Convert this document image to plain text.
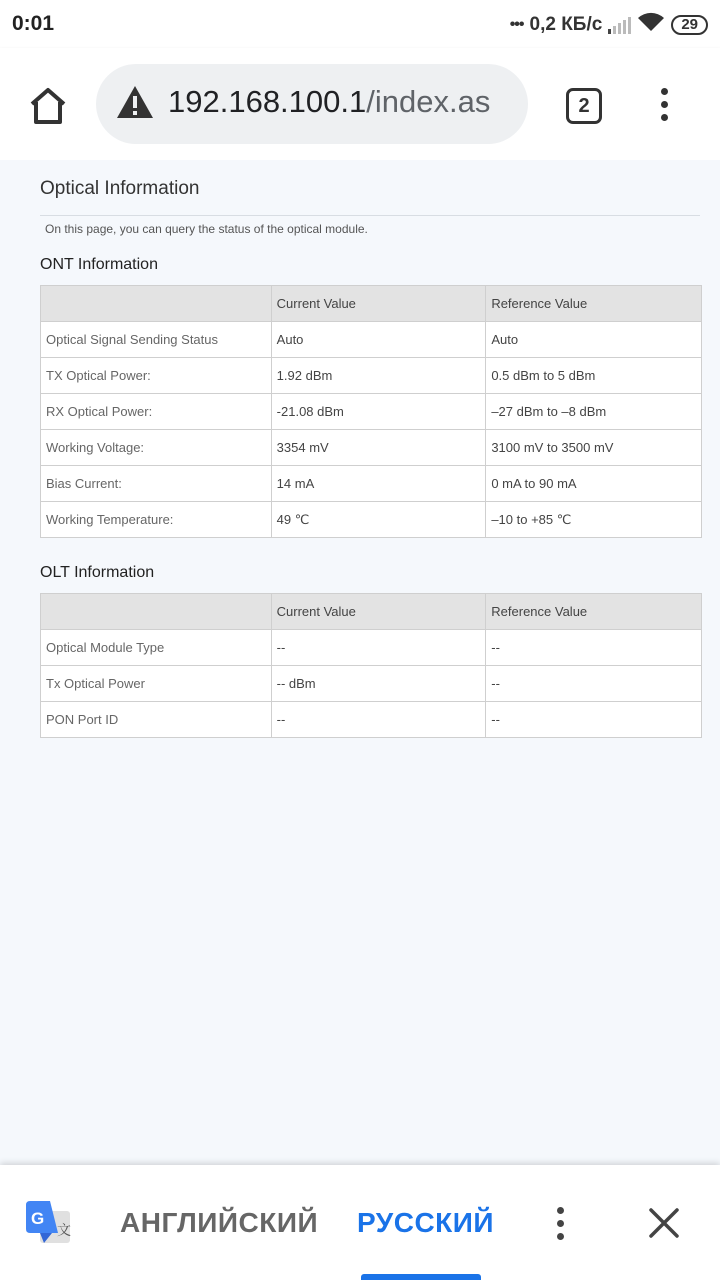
0:01	••• 0,2 КБ/с	29
192.168.100.1/index.as	2
Optical Information
On this page, you can query the status of the optical module.
ONT Information
	Current Value	Reference Value
Optical Signal Sending Status	Auto	Auto
TX Optical Power:	1.92 dBm	0.5 dBm to 5 dBm
RX Optical Power:	-21.08 dBm	–27 dBm to –8 dBm
Working Voltage:	3354 mV	3100 mV to 3500 mV
Bias Current:	14 mA	0 mA to 90 mA
Working Temperature:	49 ℃	–10 to +85 ℃
OLT Information
	Current Value	Reference Value
Optical Module Type	--	--
Tx Optical Power	-- dBm	--
PON Port ID	--	--
G
文 АНГЛИЙСКИЙ РУССКИЙ
